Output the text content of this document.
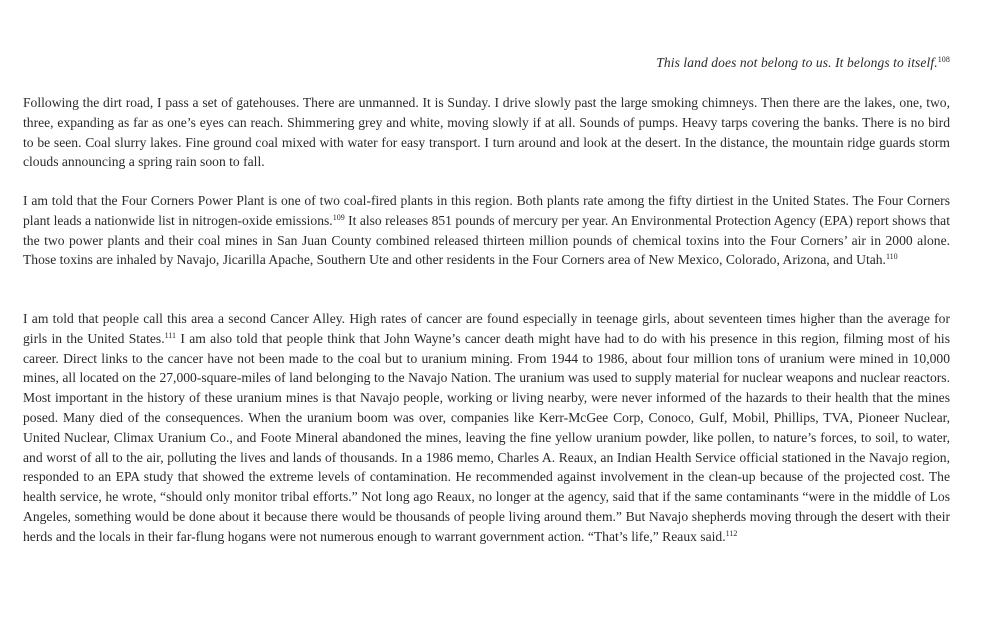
This land does not belong to us. It belongs to itself.$^{108}$

Following the dirt road, I pass a set of gatehouses. There are unmanned. It is Sunday. I drive slowly past the large smoking chimneys. Then there are the lakes, one, two, three, expanding as far as one’s eyes can reach. Shimmering grey and white, moving slowly if at all. Sounds of pumps. Heavy tarps covering the banks. There is no bird to be seen. Coal slurry lakes. Fine ground coal mixed with water for easy transport. I turn around and look at the desert. In the distance, the mountain ridge guards storm clouds announcing a spring rain soon to fall.

I am told that the Four Corners Power Plant is one of two coal-fired plants in this region. Both plants rate among the fifty dirtiest in the United States. The Four Corners plant leads a nationwide list in nitrogen-oxide emissions.$^{109}$ It also releases 851 pounds of mercury per year. An Environmental Protection Agency (EPA) report shows that the two power plants and their coal mines in San Juan County combined released thirteen million pounds of chemical toxins into the Four Corners’ air in 2000 alone. Those toxins are inhaled by Navajo, Jicarilla Apache, Southern Ute and other residents in the Four Corners area of New Mexico, Colorado, Arizona, and Utah.$^{110}$

I am told that people call this area a second Cancer Alley. High rates of cancer are found especially in teenage girls, about seventeen times higher than the average for girls in the United States.$^{111}$ I am also told that people think that John Wayne’s cancer death might have had to do with his presence in this region, filming most of his career. Direct links to the cancer have not been made to the coal but to uranium mining. From 1944 to 1986, about four million tons of uranium were mined in 10,000 mines, all located on the 27,000-square-miles of land belonging to the Navajo Nation. The uranium was used to supply material for nuclear weapons and nuclear reactors. Most important in the history of these uranium mines is that Navajo people, working or living nearby, were never informed of the hazards to their health that the mines posed. Many died of the consequences. When the uranium boom was over, companies like Kerr-McGee Corp, Conoco, Gulf, Mobil, Phillips, TVA, Pioneer Nuclear, United Nuclear, Climax Uranium Co., and Foote Mineral abandoned the mines, leaving the fine yellow uranium powder, like pollen, to nature’s forces, to soil, to water, and worst of all to the air, polluting the lives and lands of thousands. In a 1986 memo, Charles A. Reaux, an Indian Health Service official stationed in the Navajo region, responded to an EPA study that showed the extreme levels of contamination. He recommended against involvement in the clean-up because of the projected cost. The health service, he wrote, “should only monitor tribal efforts.” Not long ago Reaux, no longer at the agency, said that if the same contaminants “were in the middle of Los Angeles, something would be done about it because there would be thousands of people living around them.” But Navajo shepherds moving through the desert with their herds and the locals in their far-flung hogans were not numerous enough to warrant government action. “That’s life,” Reaux said.$^{112}$
